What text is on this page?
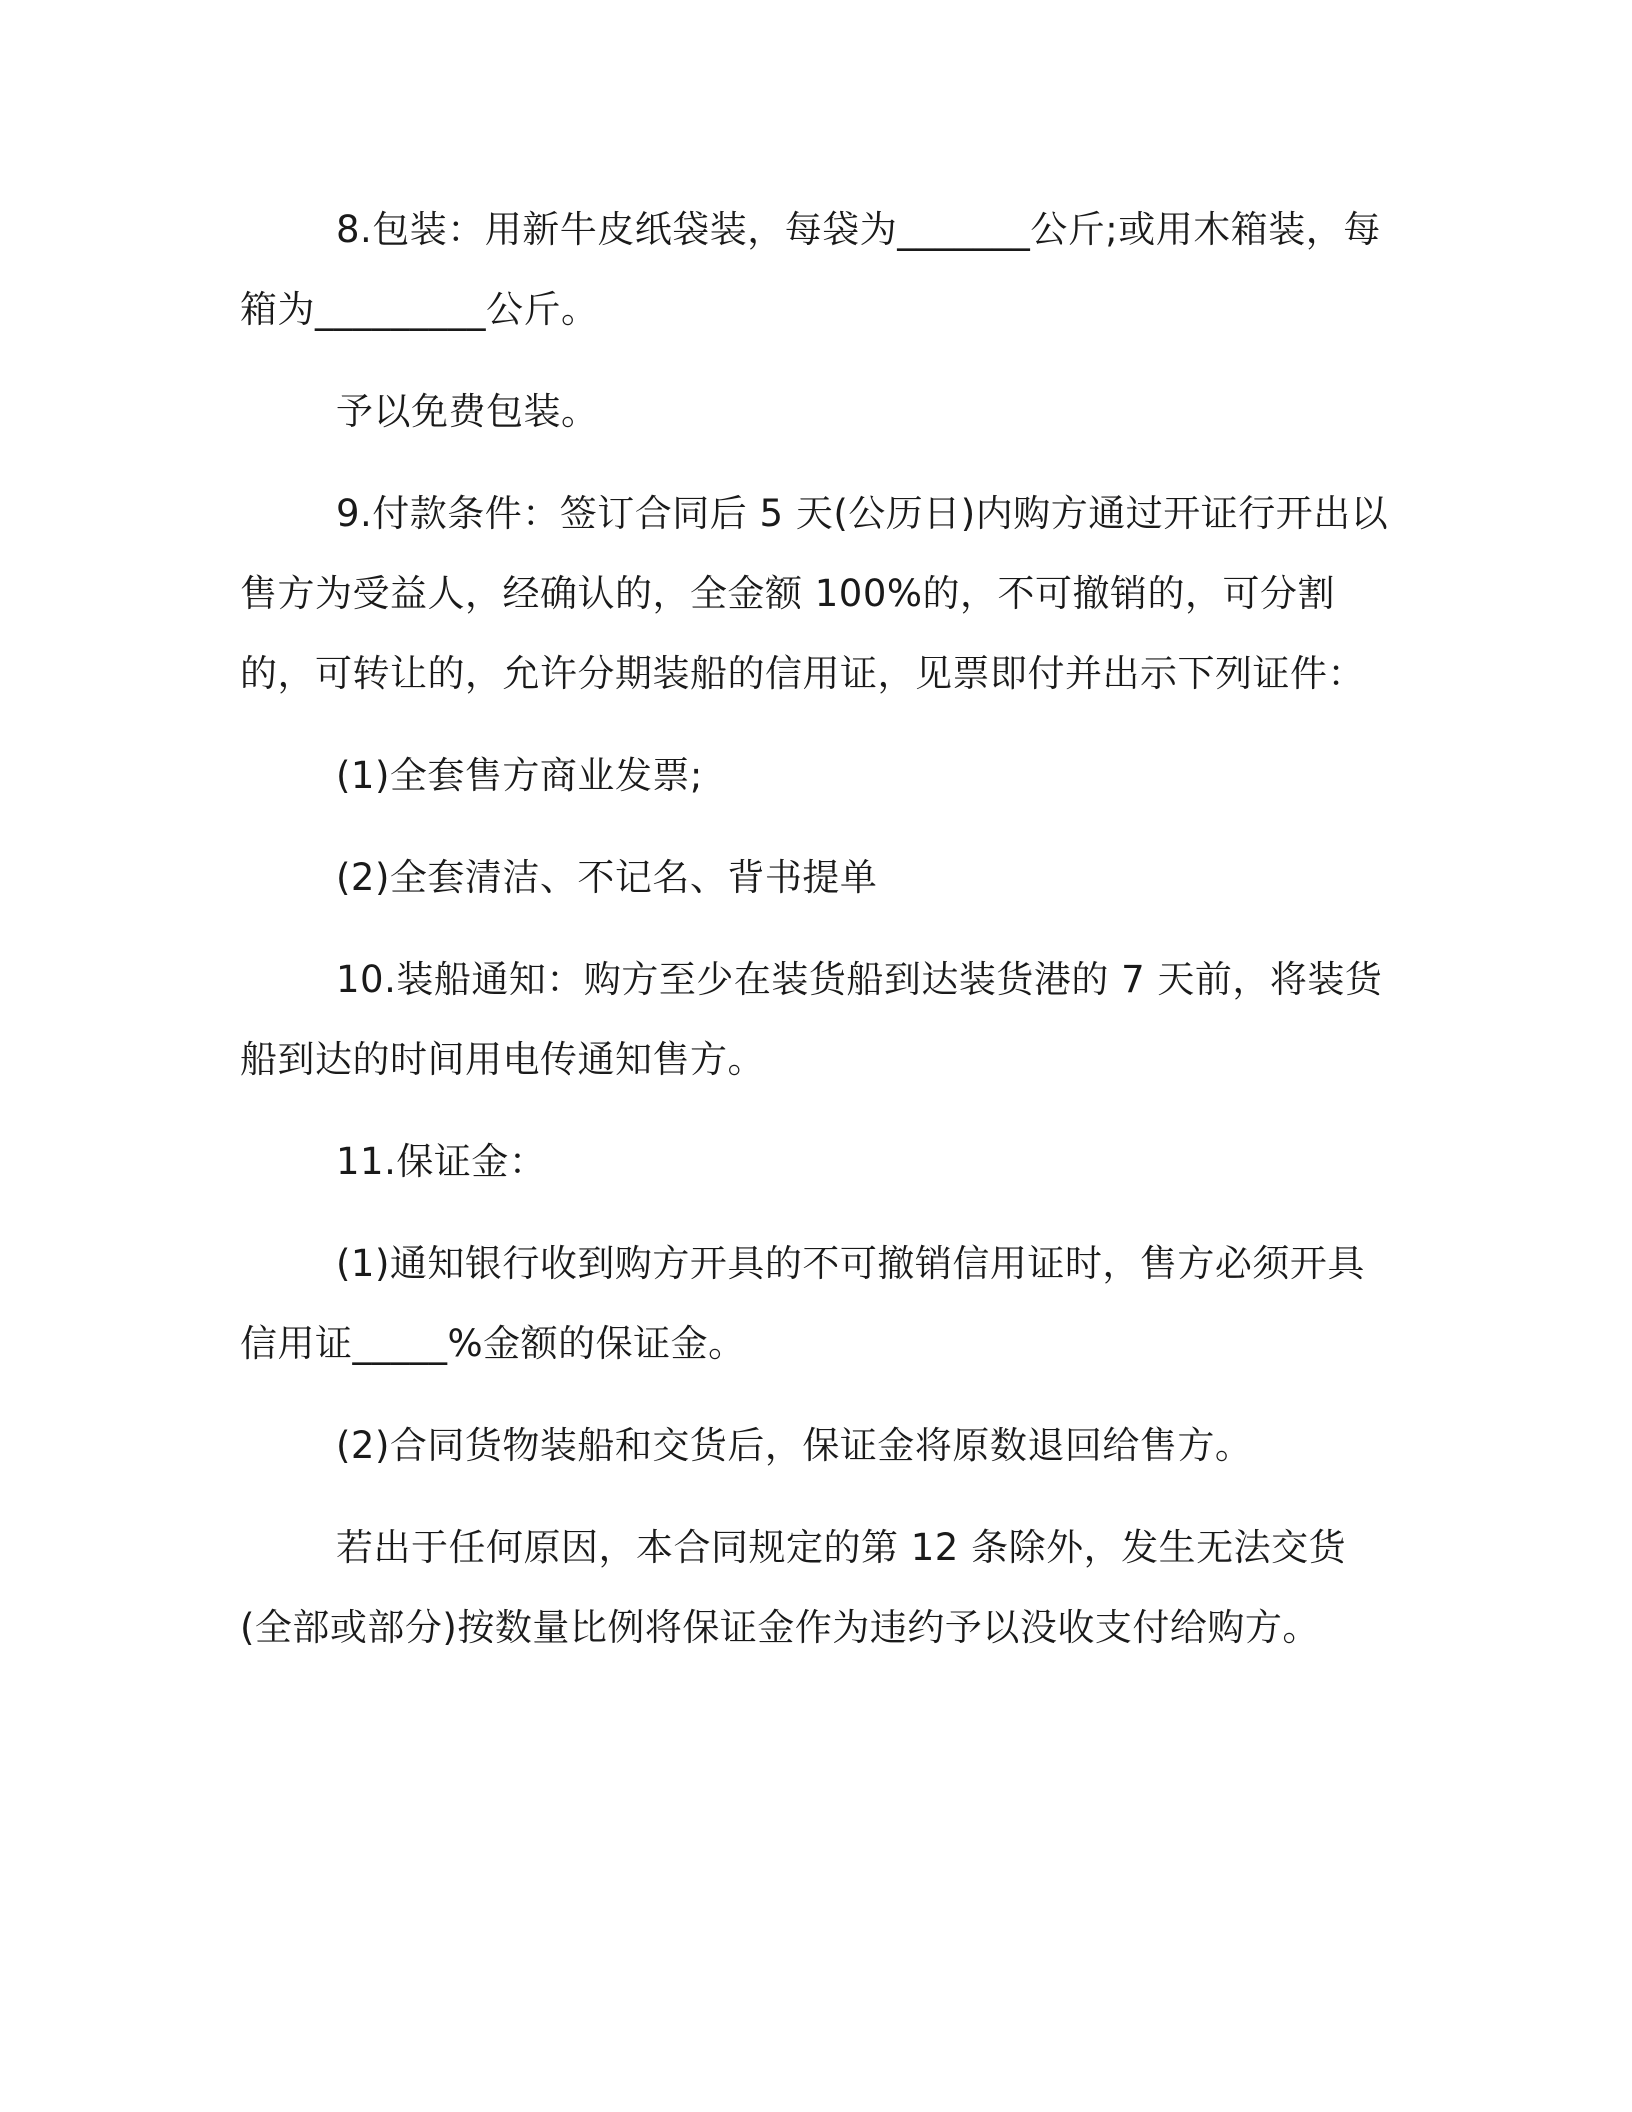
8.包装：用新牛皮纸袋装，每袋为_______公斤;或用木箱装，每箱为_________公斤。

予以免费包装。

9.付款条件：签订合同后 5 天(公历日)内购方通过开证行开出以售方为受益人，经确认的，全金额 100%的，不可撤销的，可分割的，可转让的，允许分期装船的信用证，见票即付并出示下列证件：

(1)全套售方商业发票;

(2)全套清洁、不记名、背书提单

10.装船通知：购方至少在装货船到达装货港的 7 天前，将装货船到达的时间用电传通知售方。

11.保证金：

(1)通知银行收到购方开具的不可撤销信用证时，售方必须开具信用证_____%金额的保证金。

(2)合同货物装船和交货后，保证金将原数退回给售方。

若出于任何原因，本合同规定的第 12 条除外，发生无法交货(全部或部分)按数量比例将保证金作为违约予以没收支付给购方。
